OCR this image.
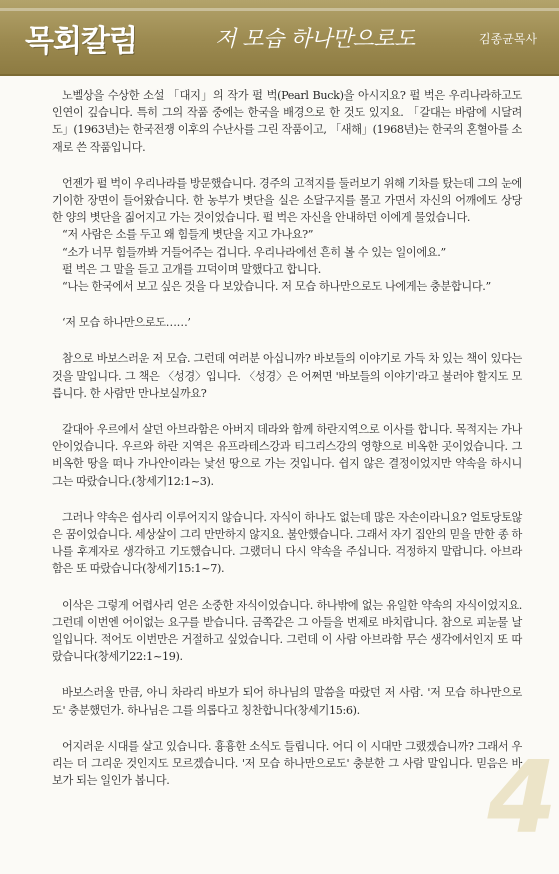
목회칼럼	저 모습 하나만으로도	김종균목사

노벨상을 수상한 소설 「대지」의 작가 펄 벅(Pearl Buck)을 아시지요? 펄 벅은 우리나라하고도 인연이 깊습니다. 특히 그의 작품 중에는 한국을 배경으로 한 것도 있지요. 「갈대는 바람에 시달려도」(1963년)는 한국전쟁 이후의 수난사를 그린 작품이고, 「새해」(1968년)는 한국의 혼혈아를 소재로 쓴 작품입니다.

언젠가 펄 벅이 우리나라를 방문했습니다. 경주의 고적지를 둘러보기 위해 기차를 탔는데 그의 눈에 기이한 장면이 들어왔습니다. 한 농부가 볏단을 실은 소달구지를 몰고 가면서 자신의 어깨에도 상당한 양의 볏단을 짊어지고 가는 것이었습니다. 펄 벅은 자신을 안내하던 이에게 물었습니다.

“저 사람은 소를 두고 왜 힘들게 볏단을 지고 가나요?”

“소가 너무 힘들까봐 거들어주는 겁니다. 우리나라에선 흔히 볼 수 있는 일이에요.”

펄 벅은 그 말을 듣고 고개를 끄덕이며 말했다고 합니다.

“나는 한국에서 보고 싶은 것을 다 보았습니다. 저 모습 하나만으로도 나에게는 충분합니다.”

‘저 모습 하나만으로도……’

참으로 바보스러운 저 모습. 그런데 여러분 아십니까? 바보들의 이야기로 가득 차 있는 책이 있다는 것을 말입니다. 그 책은 〈성경〉입니다. 〈성경〉은 어쩌면 '바보들의 이야기'라고 불러야 할지도 모릅니다. 한 사람만 만나보실까요?

갈대아 우르에서 살던 아브라함은 아버지 데라와 함께 하란지역으로 이사를 합니다. 목적지는 가나안이었습니다. 우르와 하란 지역은 유프라테스강과 티그리스강의 영향으로 비옥한 곳이었습니다. 그 비옥한 땅을 떠나 가나안이라는 낯선 땅으로 가는 것입니다. 쉽지 않은 결정이었지만 약속을 하시니 그는 따랐습니다.(창세기12:1~3).

그러나 약속은 쉽사리 이루어지지 않습니다. 자식이 하나도 없는데 많은 자손이라니요? 얼토당토않은 꿈이었습니다. 세상살이 그리 만만하지 않지요. 불안했습니다. 그래서 자기 집안의 믿을 만한 종 하나를 후계자로 생각하고 기도했습니다. 그랬더니 다시 약속을 주십니다. 걱정하지 말랍니다. 아브라함은 또 따랐습니다(창세기15:1~7).

이삭은 그렇게 어렵사리 얻은 소중한 자식이었습니다. 하나밖에 없는 유일한 약속의 자식이었지요. 그런데 이번엔 어이없는 요구를 받습니다. 금쪽같은 그 아들을 번제로 바치랍니다. 참으로 피눈물 날 일입니다. 적어도 이번만은 거절하고 싶었습니다. 그런데 이 사람 아브라함 무슨 생각에서인지 또 따랐습니다(창세기22:1~19).

바보스러울 만큼, 아니 차라리 바보가 되어 하나님의 말씀을 따랐던 저 사람. '저 모습 하나만으로도' 충분했던가. 하나님은 그를 의롭다고 칭찬합니다(창세기15:6).

어지러운 시대를 살고 있습니다. 흉흉한 소식도 들립니다. 어디 이 시대만 그랬겠습니까? 그래서 우리는 더 그리운 것인지도 모르겠습니다. '저 모습 하나만으로도' 충분한 그 사람 말입니다. 믿음은 바보가 되는 일인가 봅니다.	4
